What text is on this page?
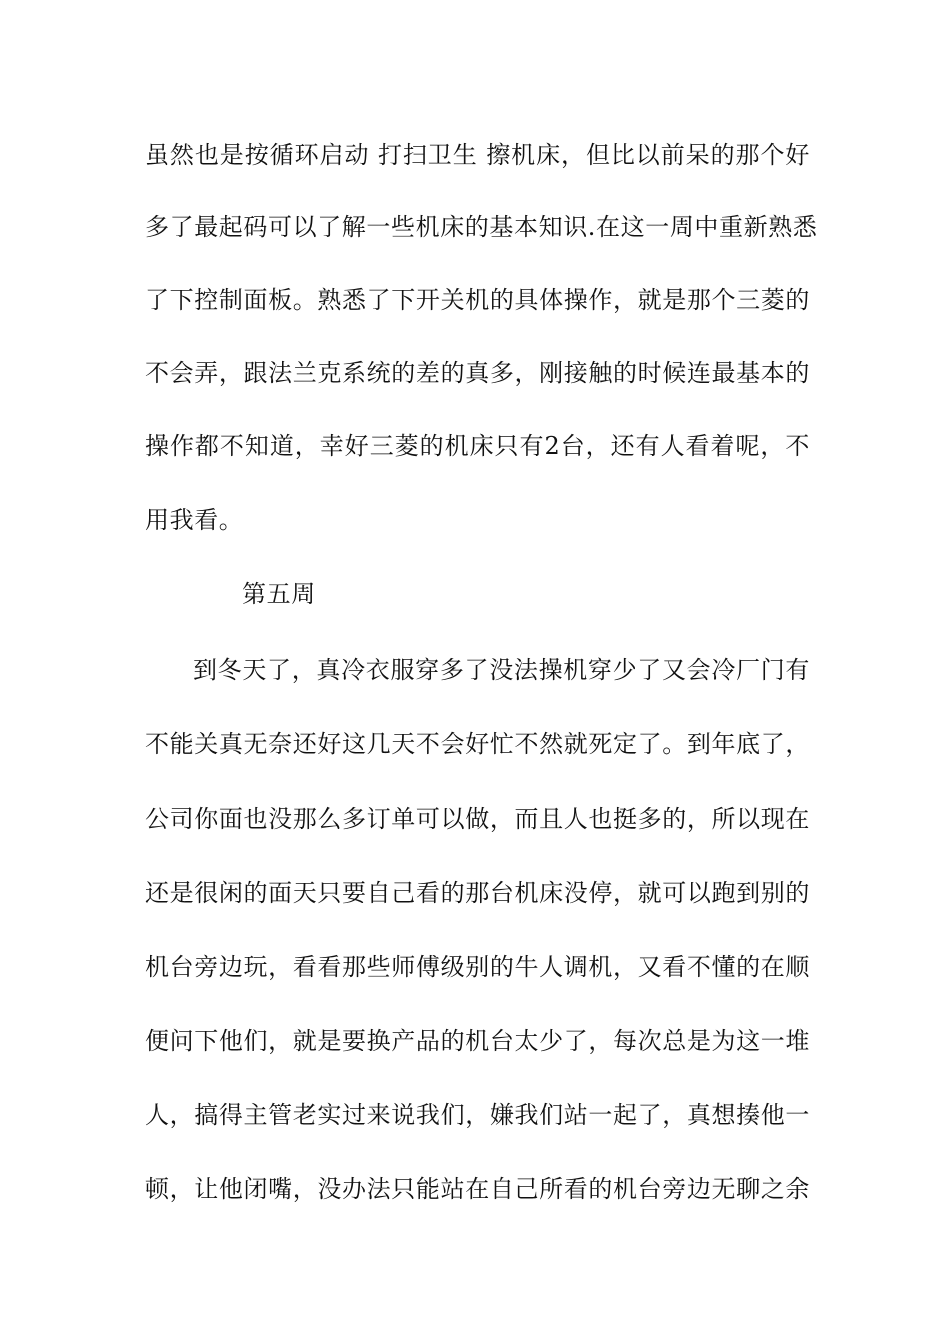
虽然也是按循环启动 打扫卫生 擦机床，但比以前呆的那个好
多了最起码可以了解一些机床的基本知识.在这一周中重新熟悉
了下控制面板。熟悉了下开关机的具体操作，就是那个三菱的
不会弄，跟法兰克系统的差的真多，刚接触的时候连最基本的
操作都不知道，幸好三菱的机床只有2台，还有人看着呢，不
用我看。
第五周
到冬天了，真冷衣服穿多了没法操机穿少了又会冷厂门有
不能关真无奈还好这几天不会好忙不然就死定了。到年底了，
公司你面也没那么多订单可以做，而且人也挺多的，所以现在
还是很闲的面天只要自己看的那台机床没停，就可以跑到别的
机台旁边玩，看看那些师傅级别的牛人调机，又看不懂的在顺
便问下他们，就是要换产品的机台太少了，每次总是为这一堆
人，搞得主管老实过来说我们，嫌我们站一起了，真想揍他一
顿，让他闭嘴，没办法只能站在自己所看的机台旁边无聊之余
